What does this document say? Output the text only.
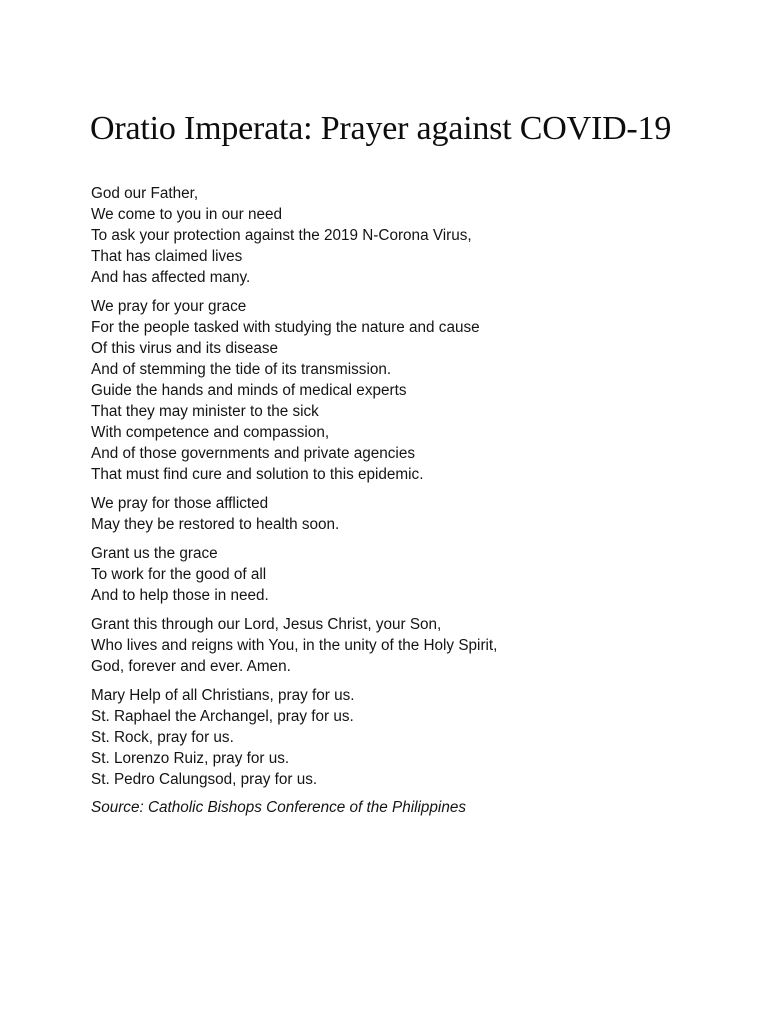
Oratio Imperata: Prayer against COVID-19
God our Father,
We come to you in our need
To ask your protection against the 2019 N-Corona Virus,
That has claimed lives
And has affected many.
We pray for your grace
For the people tasked with studying the nature and cause
Of this virus and its disease
And of stemming the tide of its transmission.
Guide the hands and minds of medical experts
That they may minister to the sick
With competence and compassion,
And of those governments and private agencies
That must find cure and solution to this epidemic.
We pray for those afflicted
May they be restored to health soon.
Grant us the grace
To work for the good of all
And to help those in need.
Grant this through our Lord, Jesus Christ, your Son,
Who lives and reigns with You, in the unity of the Holy Spirit,
God, forever and ever. Amen.
Mary Help of all Christians, pray for us.
St. Raphael the Archangel, pray for us.
St. Rock, pray for us.
St. Lorenzo Ruiz, pray for us.
St. Pedro Calungsod, pray for us.
Source: Catholic Bishops Conference of the Philippines
